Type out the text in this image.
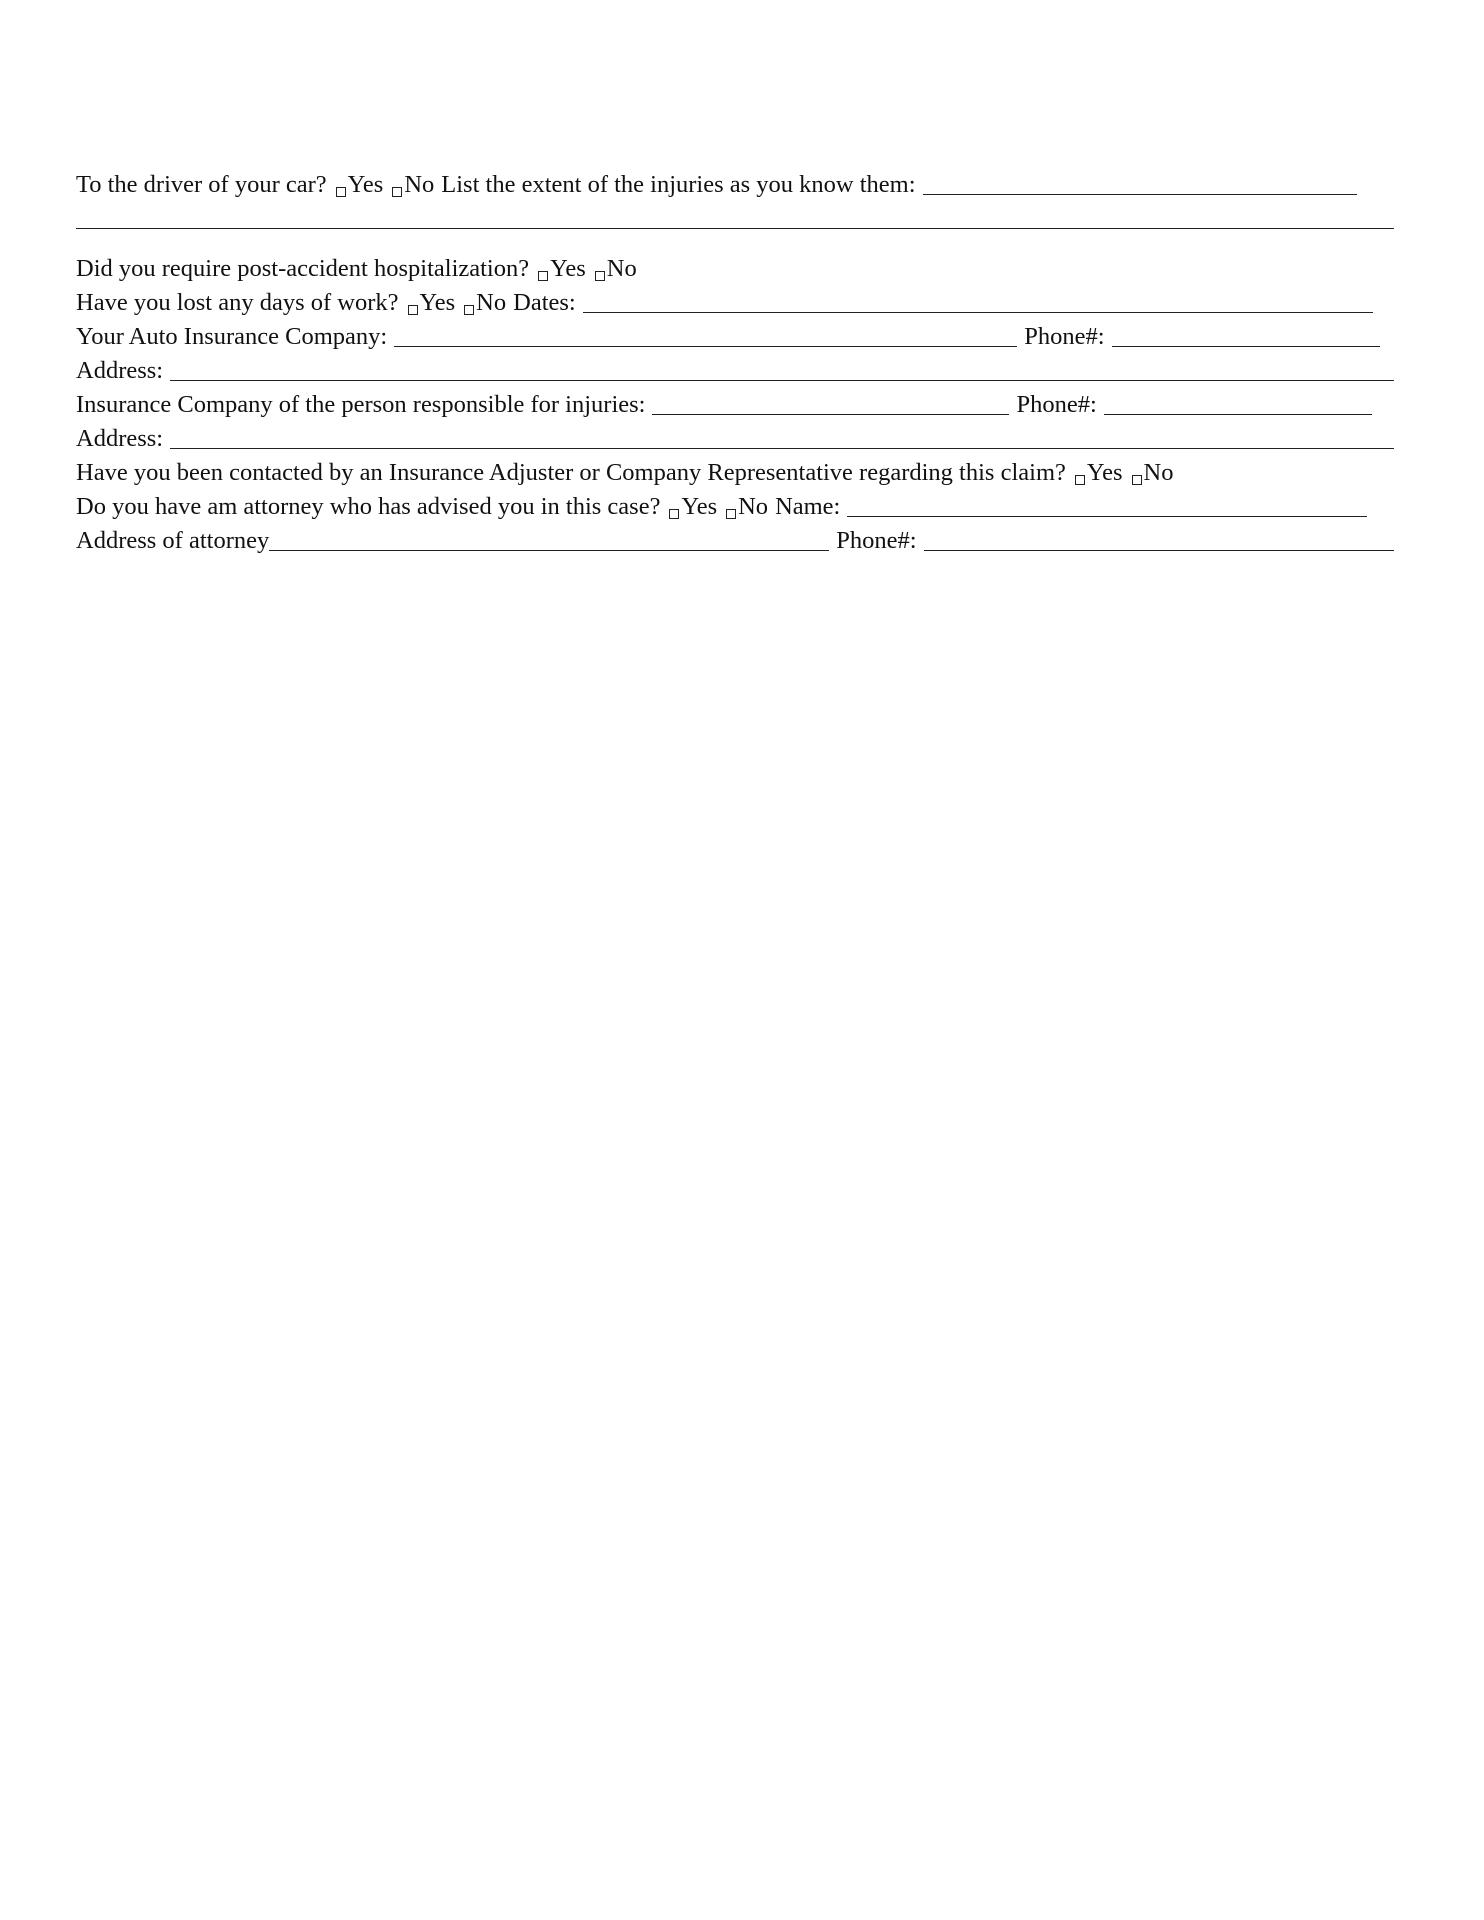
To the driver of your car? Yes No List the extent of the injuries as you know them:
Did you require post-accident hospitalization? Yes No
Have you lost any days of work? Yes No Dates:
Your Auto Insurance Company:	Phone#:
Address:
Insurance Company of the person responsible for injuries:	Phone#:
Address:
Have you been contacted by an Insurance Adjuster or Company Representative regarding this claim? Yes No
Do you have am attorney who has advised you in this case? Yes No Name:
Address of attorney	Phone#:
